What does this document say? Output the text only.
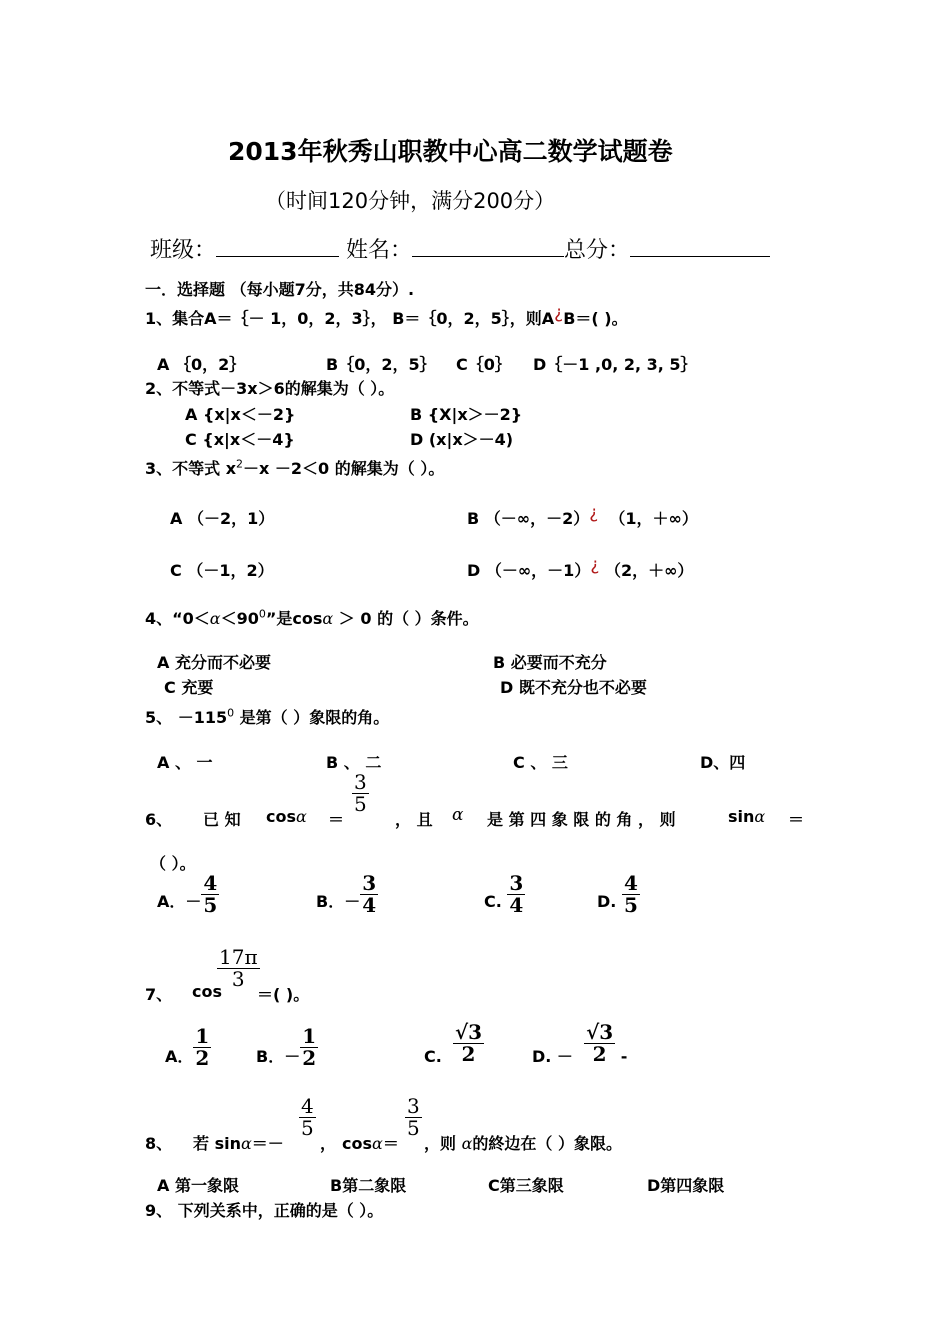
2013年秋秀山职教中心高二数学试题卷
（时间120分钟，满分200分）
班级：	姓名：	总分：
一．选择题 （每小题7分，共84分）.
1、集合A＝｛－ 1，0，2，3｝， B＝｛0，2，5｝，则A¿B＝( )。
A ｛0，2｝	B｛0，2，5｝ C｛0｝ D｛－1 ,0, 2, 3, 5｝
2、不等式－3x＞6的解集为（ ）。
A {x|x＜－2}	B {X|x＞－2}
C {x|x＜－4}	D (x|x＞－4)
3、不等式 $x^2-x -2<0$ 的解集为（ ）。
A （－2，1）	B （－∞，－2）¿ （1，＋∞）
C （－1，2）	D （－∞，－1）¿ （2，＋∞）
4、“$0<\alpha<90^0$”是cosα ＞ 0 的（ ）条件。
A 充分而不必要	B 必要而不充分
C 充要	D 既不充分也不必要
5、 $-115^0$ 是第（ ）象限的角。
A 、 一	B 、 二	C 、 三	D、四
6、 已 知 cosα ＝
$\frac{3}{5}$
， 且 α 是 第 四 象 限 的 角 ， 则	sinα ＝
（ ）。
A．－ $\frac{4}{5}$	B．－ $\frac{3}{4}$	C. $\frac{3}{4}$	D. $\frac{4}{5}$
7、 cos
$\frac{17\pi}{3}$
＝( )。
A． $\frac{1}{2}$	B．－ $\frac{1}{2}$	C. $\frac{√3}{2}$	D. － $\frac{√3}{2}$ -
8、 若 sinα＝－
$\frac{4}{5}$
， cosα＝
$\frac{3}{5}$
，则 α的終边在（ ）象限。
A 第一象限	B第二象限	C第三象限	D第四象限
9、 下列关系中，正确的是（ ）。
